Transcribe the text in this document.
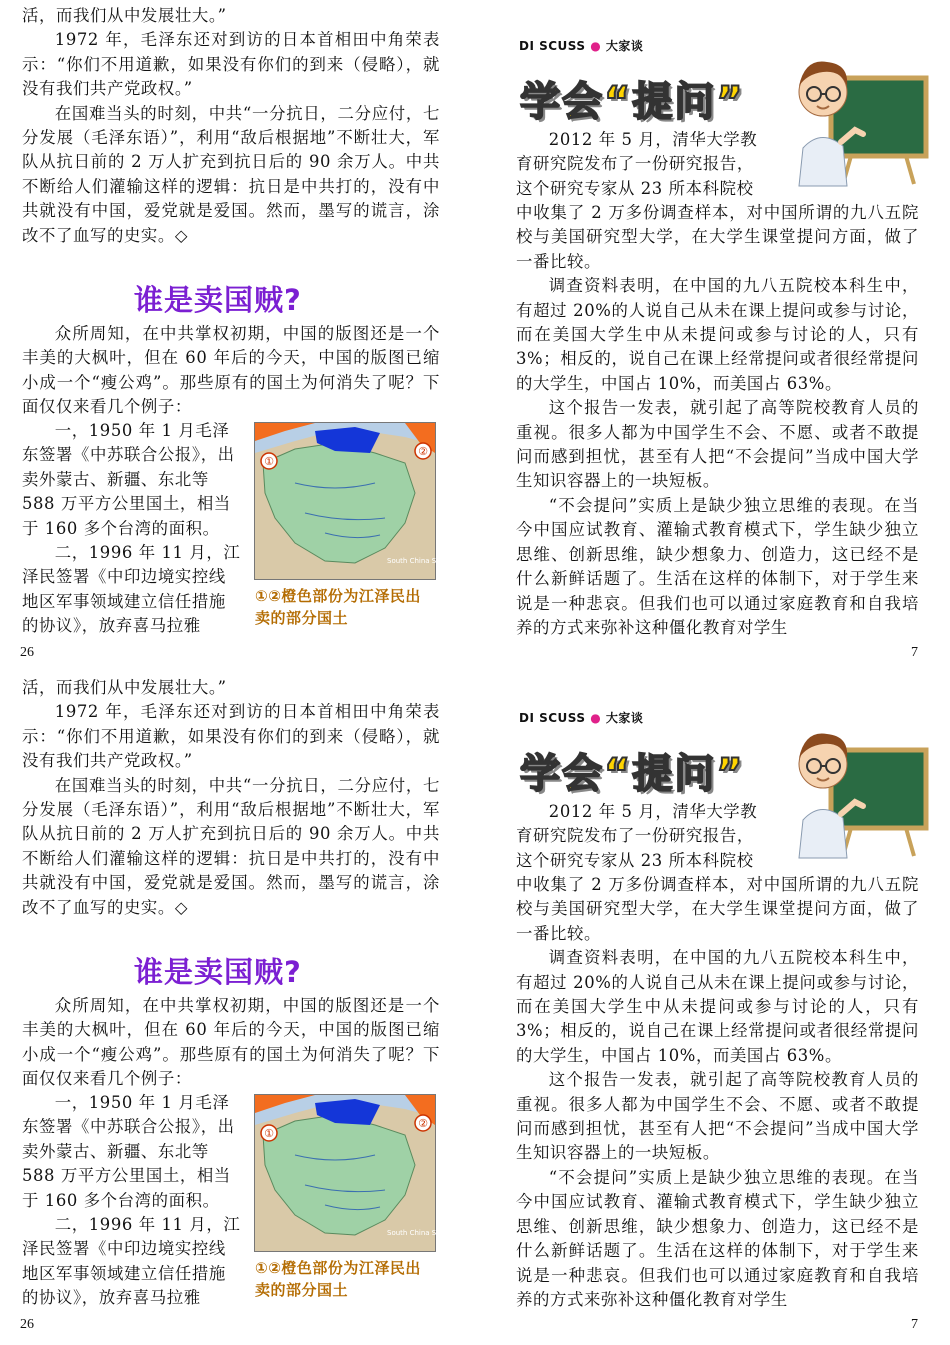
活，而我们从中发展壮大。”

1972 年，毛泽东还对到访的日本首相田中角荣表示：“你们不用道歉，如果没有你们的到来（侵略），就没有我们共产党政权。”

在国难当头的时刻，中共“一分抗日，二分应付，七分发展（毛泽东语）”，利用“敌后根据地”不断壮大，军队从抗日前的 2 万人扩充到抗日后的 90 余万人。中共不断给人们灌输这样的逻辑：抗日是中共打的，没有中共就没有中国，爱党就是爱国。然而，墨写的谎言，涂改不了血写的史实。◇

谁是卖国贼?
众所周知，在中共掌权初期，中国的版图还是一个丰美的大枫叶，但在 60 年后的今天，中国的版图已缩小成一个“瘦公鸡”。那些原有的国土为何消失了呢？下面仅仅来看几个例子：

一，1950 年 1 月毛泽东签署《中苏联合公报》，出卖外蒙古、新疆、东北等 588 万平方公里国土，相当于 160 多个台湾的面积。

二，1996 年 11 月，江泽民签署《中印边境实控线地区军事领域建立信任措施的协议》，放弃喜马拉雅

①
②
South China Sea
①②橙色部份为江泽民出卖的部分国土
26
DI SCUSS ● 大家谈
学会“提问”

2012 年 5 月，清华大学教育研究院发布了一份研究报告，这个研究专家从 23 所本科院校

中收集了 2 万多份调查样本，对中国所谓的九八五院校与美国研究型大学，在大学生课堂提问方面，做了一番比较。

调查资料表明，在中国的九八五院校本科生中，有超过 20%的人说自己从未在课上提问或参与讨论，而在美国大学生中从未提问或参与讨论的人，只有 3%；相反的，说自己在课上经常提问或者很经常提问的大学生，中国占 10%，而美国占 63%。

这个报告一发表，就引起了高等院校教育人员的重视。很多人都为中国学生不会、不愿、或者不敢提问而感到担忧，甚至有人把“不会提问”当成中国大学生知识容器上的一块短板。

“不会提问”实质上是缺少独立思维的表现。在当今中国应试教育、灌输式教育模式下，学生缺少独立思维、创新思维，缺少想象力、创造力，这已经不是什么新鲜话题了。生活在这样的体制下，对于学生来说是一种悲哀。但我们也可以通过家庭教育和自我培养的方式来弥补这种僵化教育对学生

7

活，而我们从中发展壮大。”

1972 年，毛泽东还对到访的日本首相田中角荣表示：“你们不用道歉，如果没有你们的到来（侵略），就没有我们共产党政权。”

在国难当头的时刻，中共“一分抗日，二分应付，七分发展（毛泽东语）”，利用“敌后根据地”不断壮大，军队从抗日前的 2 万人扩充到抗日后的 90 余万人。中共不断给人们灌输这样的逻辑：抗日是中共打的，没有中共就没有中国，爱党就是爱国。然而，墨写的谎言，涂改不了血写的史实。◇

谁是卖国贼?
众所周知，在中共掌权初期，中国的版图还是一个丰美的大枫叶，但在 60 年后的今天，中国的版图已缩小成一个“瘦公鸡”。那些原有的国土为何消失了呢？下面仅仅来看几个例子：

一，1950 年 1 月毛泽东签署《中苏联合公报》，出卖外蒙古、新疆、东北等 588 万平方公里国土，相当于 160 多个台湾的面积。

二，1996 年 11 月，江泽民签署《中印边境实控线地区军事领域建立信任措施的协议》，放弃喜马拉雅

①
②
South China Sea
①②橙色部份为江泽民出卖的部分国土
26
DI SCUSS ● 大家谈
学会“提问”

2012 年 5 月，清华大学教育研究院发布了一份研究报告，这个研究专家从 23 所本科院校

中收集了 2 万多份调查样本，对中国所谓的九八五院校与美国研究型大学，在大学生课堂提问方面，做了一番比较。

调查资料表明，在中国的九八五院校本科生中，有超过 20%的人说自己从未在课上提问或参与讨论，而在美国大学生中从未提问或参与讨论的人，只有 3%；相反的，说自己在课上经常提问或者很经常提问的大学生，中国占 10%，而美国占 63%。

这个报告一发表，就引起了高等院校教育人员的重视。很多人都为中国学生不会、不愿、或者不敢提问而感到担忧，甚至有人把“不会提问”当成中国大学生知识容器上的一块短板。

“不会提问”实质上是缺少独立思维的表现。在当今中国应试教育、灌输式教育模式下，学生缺少独立思维、创新思维，缺少想象力、创造力，这已经不是什么新鲜话题了。生活在这样的体制下，对于学生来说是一种悲哀。但我们也可以通过家庭教育和自我培养的方式来弥补这种僵化教育对学生

7
